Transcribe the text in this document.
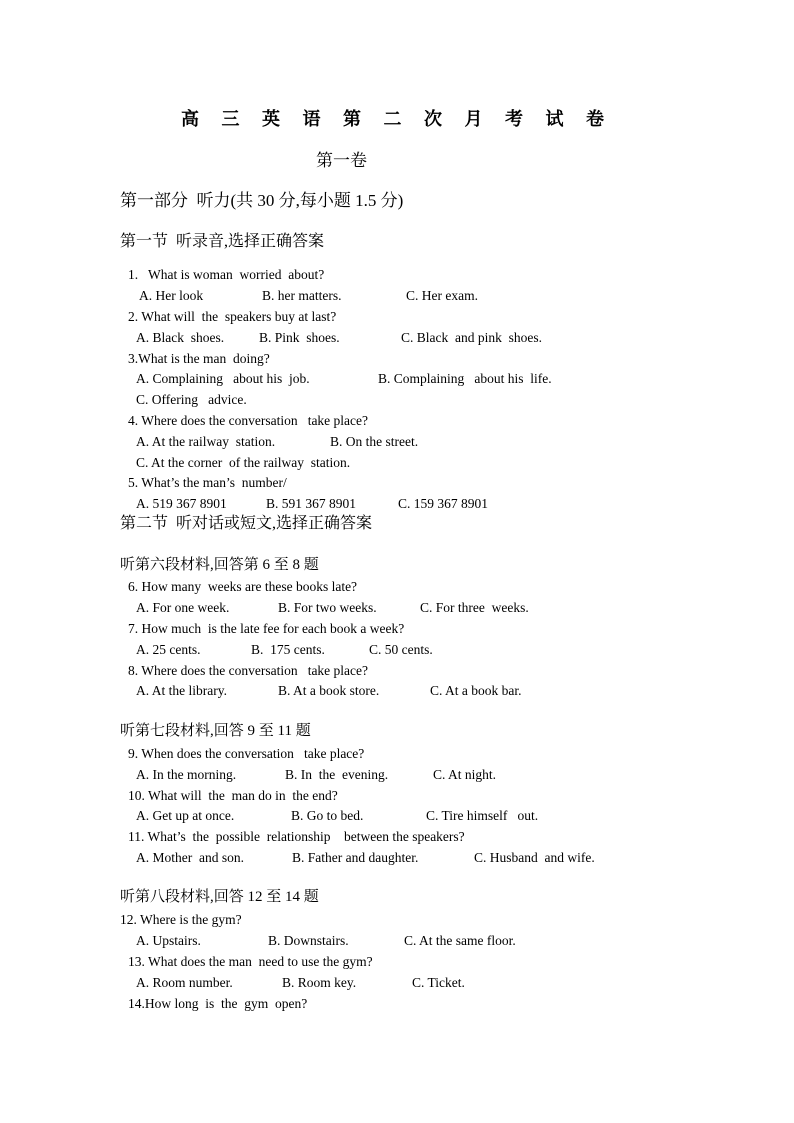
高 三 英 语 第 二 次 月 考 试 卷
第一卷
第一部分  听力(共 30 分,每小题 1.5 分)
第一节  听录音,选择正确答案
1.   What is woman  worried  about?

A. Her look

	B. her matters.

	C. Her exam.

2. What will  the  speakers buy at last?

A. Black  shoes.

	B. Pink  shoes.

	C. Black  and pink  shoes.

3.What is the man  doing?

A. Complaining   about his  job.

	B. Complaining   about his  life.

C. Offering   advice.
4. Where does the conversation   take place?

A. At the railway  station.

	B. On the street.

C. At the corner  of the railway  station.
5. What’s the man’s  number/

A. 519 367 8901

	B. 591 367 8901

	C. 159 367 8901

第二节  听对话或短文,选择正确答案
听第六段材料,回答第 6 至 8 题
6. How many  weeks are these books late?

A. For one week.

	B. For two weeks.

	C. For three  weeks.

7. How much  is the late fee for each book a week?

A. 25 cents.

	B.  175 cents.

	C. 50 cents.

8. Where does the conversation   take place?

A. At the library.

	B. At a book store.

	C. At a book bar.

听第七段材料,回答 9 至 11 题
9. When does the conversation   take place?

A. In the morning.

	B. In  the  evening.

	C. At night.

10. What will  the  man do in  the end?

A. Get up at once.

	B. Go to bed.

	C. Tire himself   out.

11. What’s  the  possible  relationship    between the speakers?

A. Mother  and son.

	B. Father and daughter.

	C. Husband  and wife.

听第八段材料,回答 12 至 14 题
12. Where is the gym?

A. Upstairs.

	B. Downstairs.

	C. At the same floor.

13. What does the man  need to use the gym?

A. Room number.

	B. Room key.

	C. Ticket.

14.How long  is  the  gym  open?
